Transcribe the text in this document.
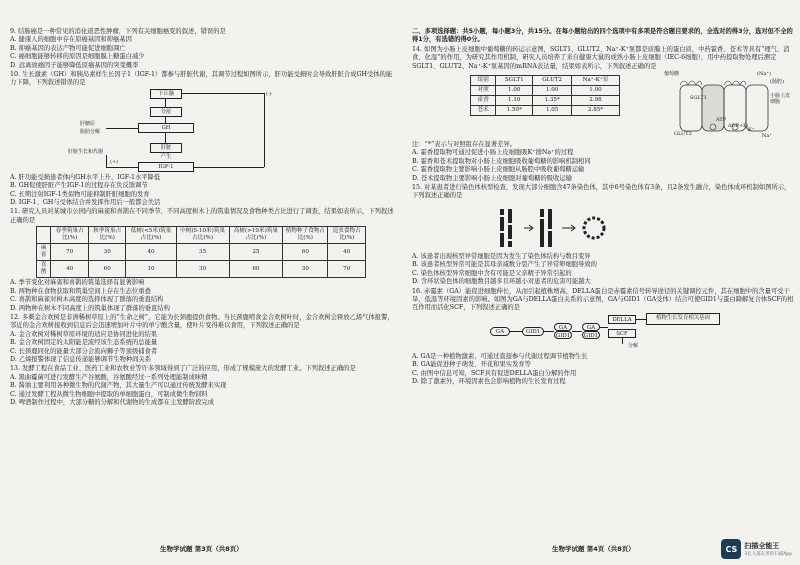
9. 结肠癌是一种常见的消化道恶性肿瘤，下列有关细胞癌变的叙述，错误的是
A. 健康人的细胞中存在原癌基因和抑癌基因
B. 抑癌基因的表达产物可能促进细胞凋亡
C. 癌细胞能够转移的原因是细胞膜上糖蛋白减少
D. 远离致癌因子能够降低原癌基因的突变概率
10. 生长激素（GH）和胰岛素样生长因子1（IGF-1）都参与肝脏代谢，其调节过程如图所示，肝功能受损时会导致肝脏合成GH受体的能力下降，下列叙述错误的是
下丘脑
分泌
GH
肝脏
产生
IGF-1
(-)
肝糖原
脂肪分解
肝脏生长和代谢
(+)
A. 肝功能受损患者体内GH水平上升、IGF-1水平降低
B. GH促使肝脏产生IGF-1的过程存在负反馈调节
C. 长期注射IGF-1类似物可能抑制肝脏细胞的发育
D. IGF-1、GH与受体结合并发挥作用后一般都会失活
11. 研究人员对某城市公园内的麻雀和喜鹊在不同季节、不同高度树木上的筑巢情况及食物种类占比进行了调查，结果如表所示，下列叙述正确的是
	春季筑巢占比(%)	秋季筑巢占比(%)	低树(<5米)筑巢占比(%)	中树(5-10米)筑巢占比(%)	高树(>10米)筑巢占比(%)	植物种子食物占比(%)	昆虫食物占比(%)
麻雀	70	30	40	35	25	60	40
喜鹊	40	60	10	30	60	30	70
A. 季节变化对麻雀和喜鹊的筑巢选择有显著影响
B. 两物种在食物获取和筑巢空间上存在生态位重叠
C. 喜鹊和麻雀对树木高度的选择体现了群落的垂直结构
D. 两物种在树木不同高度上的筑巢体现了群落的垂直结构
12. 多刺金合欢树是非洲稀树草原上的“生命之树”，它能为长颈鹿提供食物。当长颈鹿啃食金合欢树叶时，金合欢树会释放乙烯气体报警，邻近的金合欢树接收到信息后会迅速增加叶片中的单宁酸含量，使叶片变得难以食用，下列叙述正确的是
A. 金合欢树对稀树草原环境的适应是协同进化的结果
B. 金合欢树固定的太阳能是流经该生态系统的总能量
C. 长颈鹿同化的能量大部分会流向狮子等顶级捕食者
D. 乙烯报警体现了信息传递能够调节生物种间关系
13. 发酵工程在食品工业、医药工业和农牧业等许多领域得到了广泛的应用，形成了规模庞大的发酵工业。下列叙述正确的是
A. 黑曲霉菌可进行发酵生产谷氨酸，谷氨酸经过一系列处理能制成味精
B. 酱油主要利用各种微生物的代谢产物，其大量生产可以通过传统发酵来实现
C. 通过发酵工程从微生物细胞中提取的单细胞蛋白，可制成微生物饲料
D. 啤酒制作过程中，大部分糖的分解和代谢物的生成都在主发酵阶段完成
生物学试题 第3页（共8页）
二、多项选择题：共5小题，每小题3分，共15分。在每小题给出的四个选项中有多项是符合题目要求的，全选对的得3分，选对但不全的得1分，有选错的得0分。
14. 如图为小肠上皮细胞中葡萄糖的转运示意图，SGLT1、GLUT2、Na⁺-K⁺泵都是质膜上的蛋白质，中药霍香、苍术等具有“理气、消食、化湿”的作用，为研究其作用机制，研究人员培养了来自健康大鼠的成熟小肠上皮细胞（IEC-6细胞），用中药提取物处理后测定SGLT1、GLUT2、Na⁺-K⁺泵基因的mRNA表达量，结果如表所示，下列叙述正确的是
组别	SGLT1	GLUT2	Na⁺-K⁺泵
对照	1.00	1.00	1.00
霍香	1.10	1.35*	2.98
苍术	1.50*	1.05	2.85*
葡萄糖	(Na⁺)
(肠腔)
小肠上皮细胞
SGLT1
ATP
ADP+Pi
GLUT2
K⁺
Na⁺
注：“*”表示与对照组存在显著差异。
A. 霍香提取物可通过促进小肠上皮细胞吸K⁺排Na⁺的过程
B. 霍香和苍术提取物对小肠上皮细胞吸收葡萄糖的影响机制相同
C. 霍香提取物主要影响小肠上皮细胞从肠腔中吸收葡萄糖运输
D. 苍术提取物主要影响小肠上皮细胞对葡萄糖的吸收运输
15. 对某患者进行染色体核型检查，发现大部分细胞含47条染色体，其中6号染色体有3条，且2条发生融合，染色体成环机制如图所示，下列叙述正确的是
A. 该患者出现核型异常细胞是因为发生了染色体结构与数目变异
B. 该患者核型异常可能是其母亲减数分裂产生了异常卵细胞导致的
C. 染色体核型异常细胞中含有可能是父亲精子异常引起的
D. 含环状染色体的细胞数目越多且环越小对患者的危害可能越大
16. 赤霉素（GA）能促进细胞伸长，从而引起植株增高，DELLA蛋白是赤霉素信号转导途径的关键调控元件，其在细胞中的含量可受干旱、低温等环境因素的影响。如图为GA与DELLA蛋白关系的示意图，GA与GID1（GA受体）结合可使GID1与蛋白降解复合体SCF的相互作用而活化SCF，下列叙述正确的是
GA	GID1
GA
GID1
GA
GID1
DELLA	植物生长发育相关基因
SCF
分解
A. GA是一种植物激素，可通过直接参与代谢过程调节植物生长
B. GA能促进种子萌发、开花和果实发育等
C. 由图中信息可知，SCF具有促进DELLA蛋白分解的作用
D. 除了激素外，环境因素也会影响植物的生长发育过程
生物学试题 第4页（共8页）	CS	扫描全能王
3亿人都在用的扫描App
